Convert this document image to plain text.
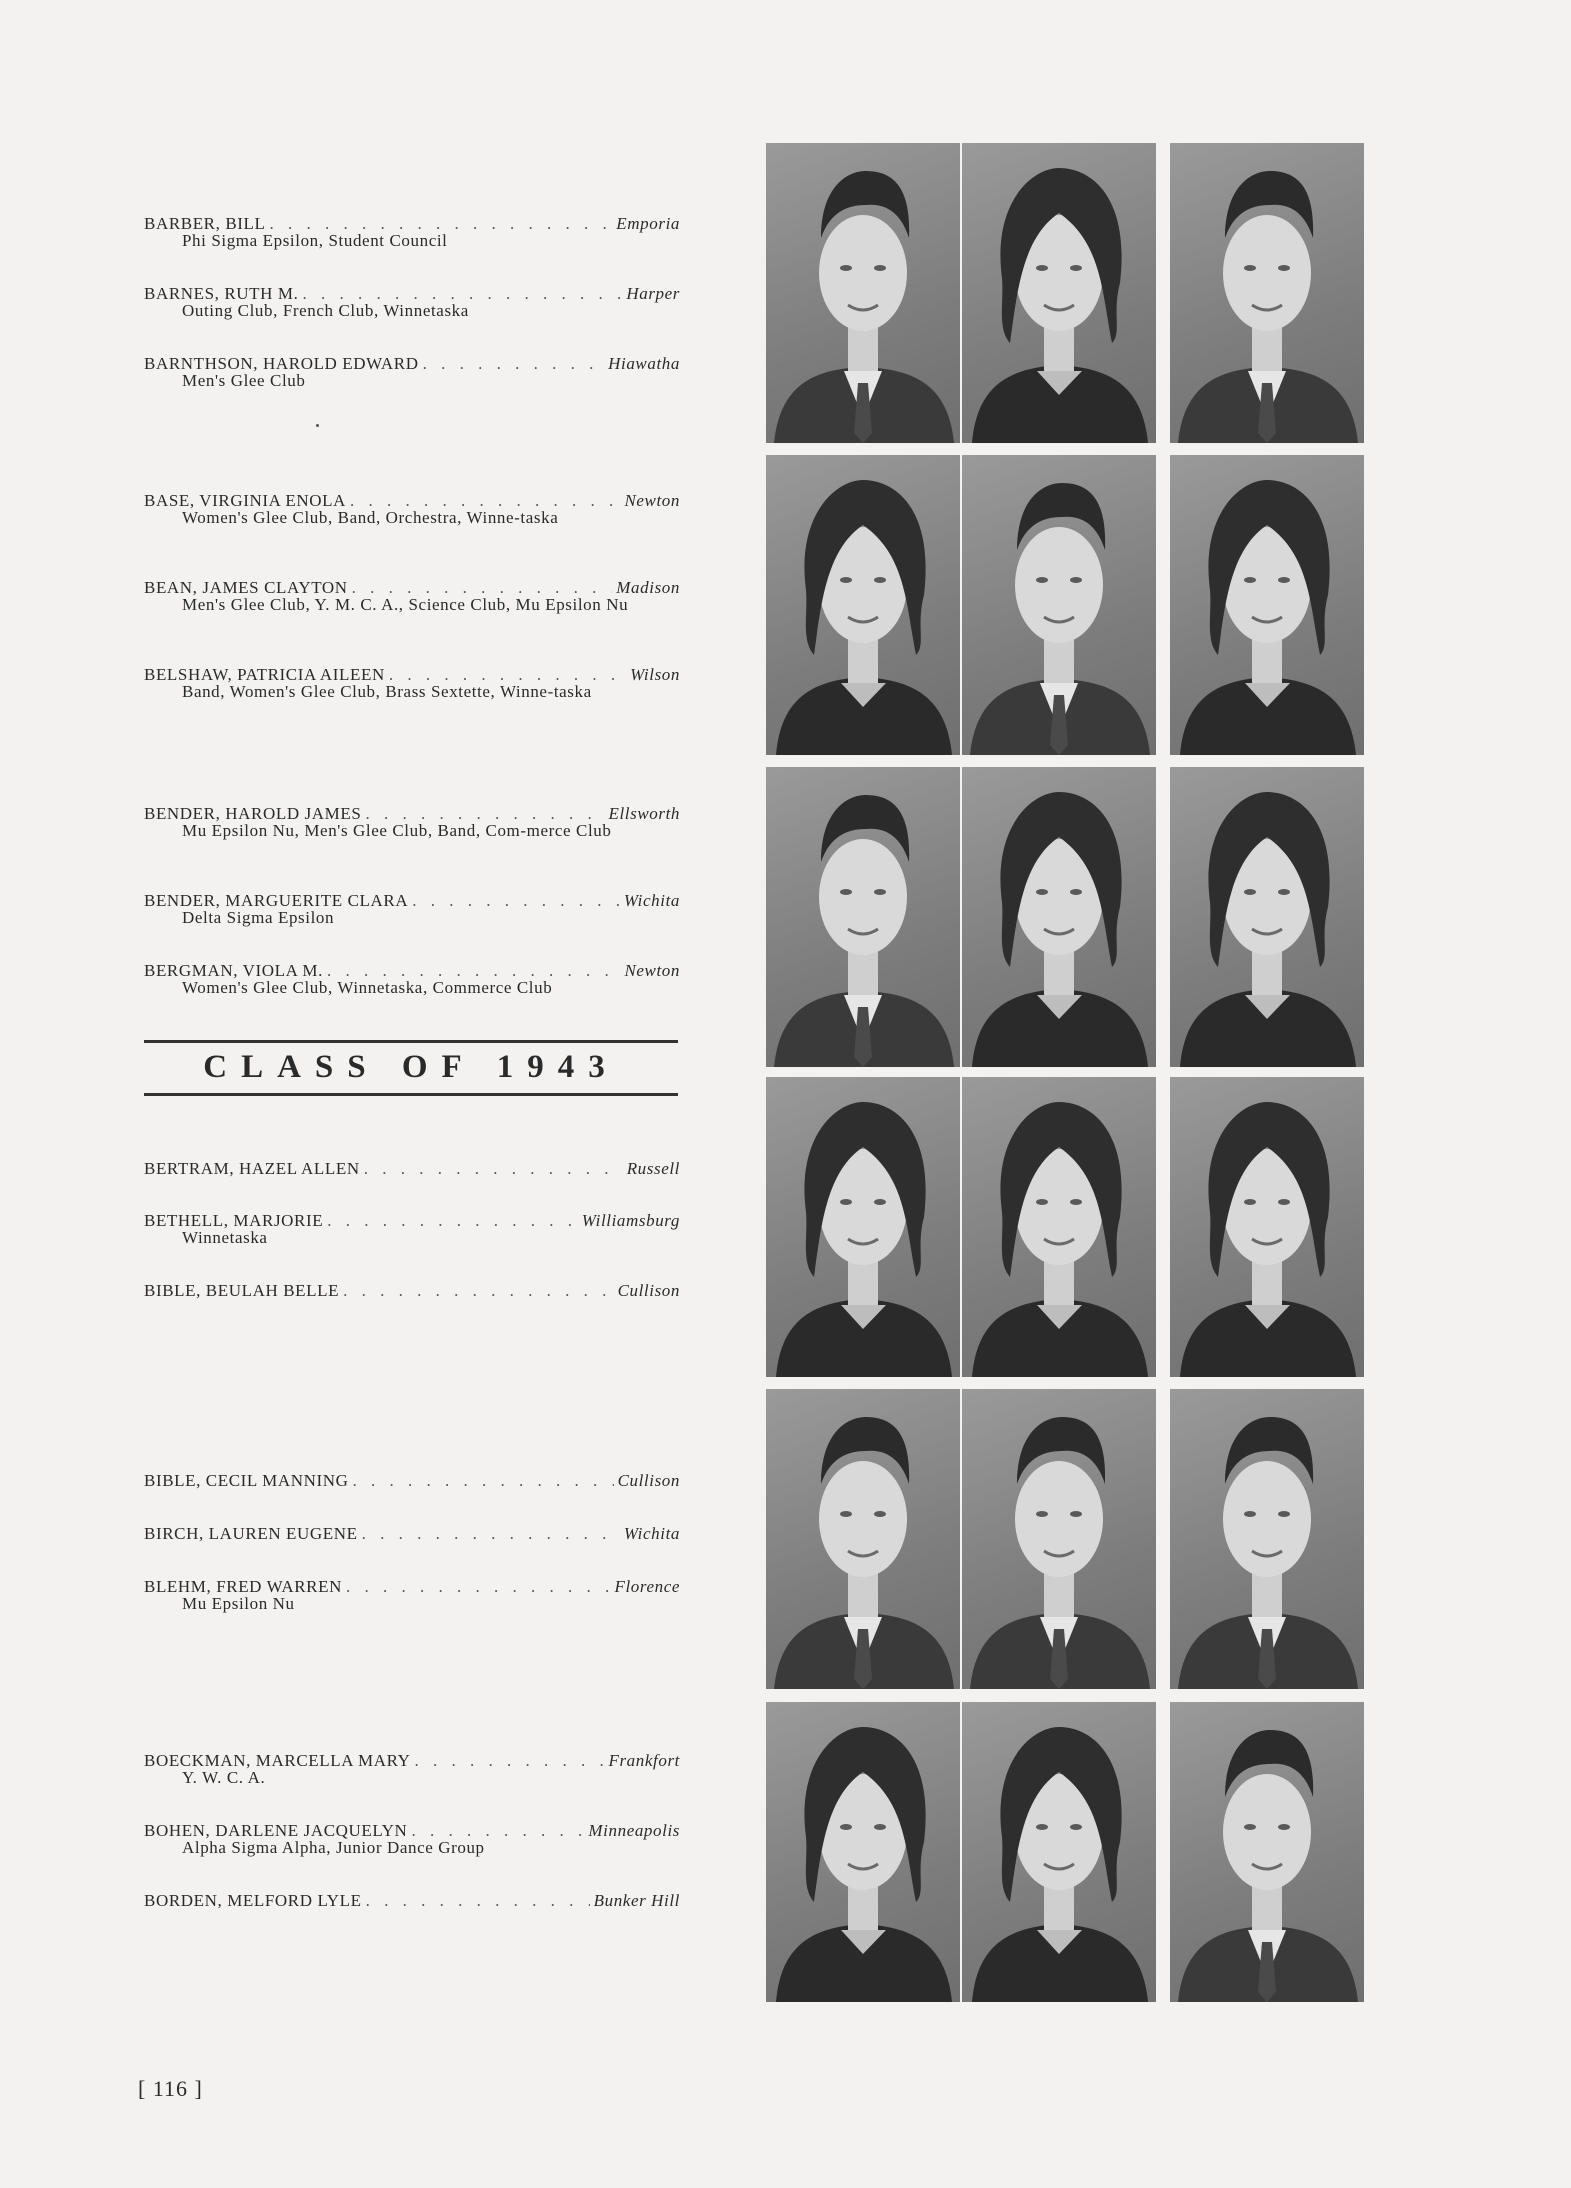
BARBER, BILL . . .	Emporia
Phi Sigma Epsilon, Student Council
BARNES, RUTH M. . . .	Harper
Outing Club, French Club, Winnetaska
BARNTHSON, HAROLD EDWARD . . .	Hiawatha
Men's Glee Club
BASE, VIRGINIA ENOLA . . .	Newton
Women's Glee Club, Band, Orchestra, Winne-taska
BEAN, JAMES CLAYTON . . .	Madison
Men's Glee Club, Y. M. C. A., Science Club, Mu Epsilon Nu
BELSHAW, PATRICIA AILEEN . . .	Wilson
Band, Women's Glee Club, Brass Sextette, Winne-taska
BENDER, HAROLD JAMES . . .	Ellsworth
Mu Epsilon Nu, Men's Glee Club, Band, Com-merce Club
BENDER, MARGUERITE CLARA . . .	Wichita
Delta Sigma Epsilon
BERGMAN, VIOLA M. . . .	Newton
Women's Glee Club, Winnetaska, Commerce Club
CLASS OF 1943
BERTRAM, HAZEL ALLEN . . .	Russell
BETHELL, MARJORIE . . .	Williamsburg
Winnetaska
BIBLE, BEULAH BELLE . . .	Cullison
BIBLE, CECIL MANNING . . .	Cullison
BIRCH, LAUREN EUGENE . . .	Wichita
BLEHM, FRED WARREN . . .	Florence
Mu Epsilon Nu
BOECKMAN, MARCELLA MARY . . .	Frankfort
Y. W. C. A.
BOHEN, DARLENE JACQUELYN . . .	Minneapolis
Alpha Sigma Alpha, Junior Dance Group
BORDEN, MELFORD LYLE . . .	Bunker Hill
[ 116 ]
